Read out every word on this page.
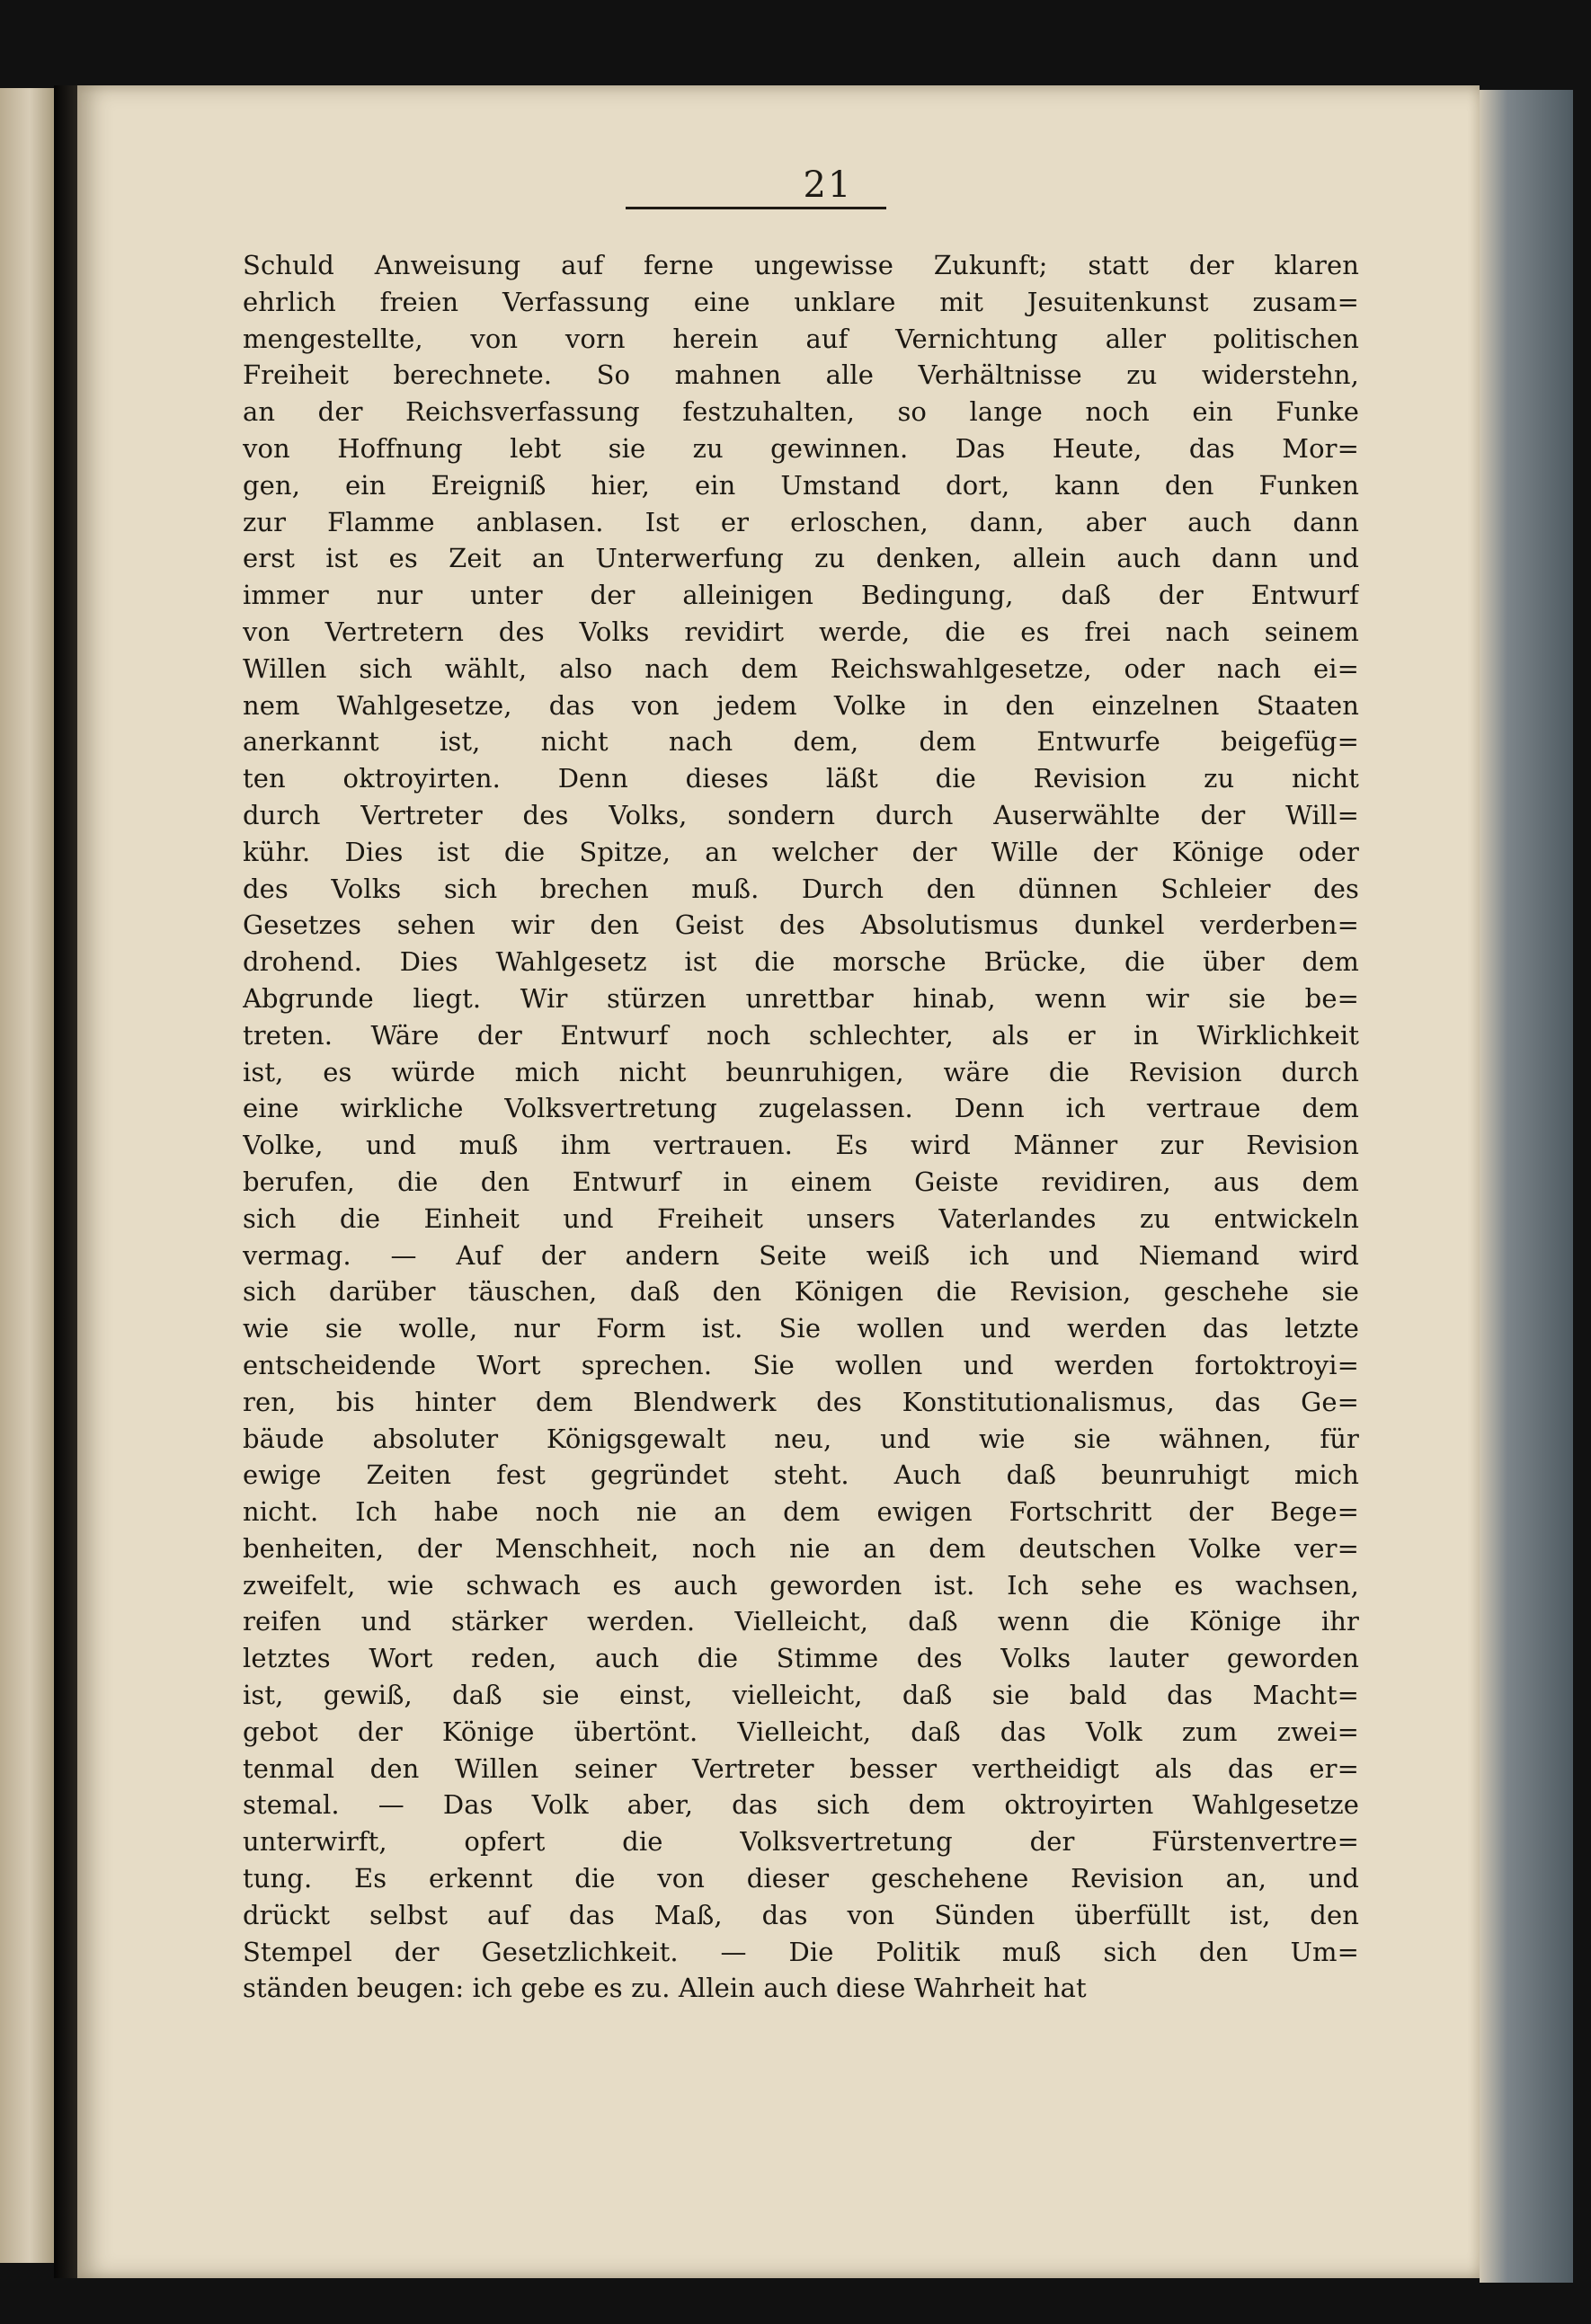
21
Schuld Anweisung auf ferne ungewisse Zukunft; statt der klaren
ehrlich freien Verfassung eine unklare mit Jesuitenkunst zusam=
mengestellte, von vorn herein auf Vernichtung aller politischen
Freiheit berechnete. So mahnen alle Verhältnisse zu widerstehn,
an der Reichsverfassung festzuhalten, so lange noch ein Funke
von Hoffnung lebt sie zu gewinnen. Das Heute, das Mor=
gen, ein Ereigniß hier, ein Umstand dort, kann den Funken
zur Flamme anblasen. Ist er erloschen, dann, aber auch dann
erst ist es Zeit an Unterwerfung zu denken, allein auch dann und
immer nur unter der alleinigen Bedingung, daß der Entwurf
von Vertretern des Volks revidirt werde, die es frei nach seinem
Willen sich wählt, also nach dem Reichswahlgesetze, oder nach ei=
nem Wahlgesetze, das von jedem Volke in den einzelnen Staaten
anerkannt ist, nicht nach dem, dem Entwurfe beigefüg=
ten oktroyirten. Denn dieses läßt die Revision zu nicht
durch Vertreter des Volks, sondern durch Auserwählte der Will=
kühr. Dies ist die Spitze, an welcher der Wille der Könige oder
des Volks sich brechen muß. Durch den dünnen Schleier des
Gesetzes sehen wir den Geist des Absolutismus dunkel verderben=
drohend. Dies Wahlgesetz ist die morsche Brücke, die über dem
Abgrunde liegt. Wir stürzen unrettbar hinab, wenn wir sie be=
treten. Wäre der Entwurf noch schlechter, als er in Wirklichkeit
ist, es würde mich nicht beunruhigen, wäre die Revision durch
eine wirkliche Volksvertretung zugelassen. Denn ich vertraue dem
Volke, und muß ihm vertrauen. Es wird Männer zur Revision
berufen, die den Entwurf in einem Geiste revidiren, aus dem
sich die Einheit und Freiheit unsers Vaterlandes zu entwickeln
vermag. — Auf der andern Seite weiß ich und Niemand wird
sich darüber täuschen, daß den Königen die Revision, geschehe sie
wie sie wolle, nur Form ist. Sie wollen und werden das letzte
entscheidende Wort sprechen. Sie wollen und werden fortoktroyi=
ren, bis hinter dem Blendwerk des Konstitutionalismus, das Ge=
bäude absoluter Königsgewalt neu, und wie sie wähnen, für
ewige Zeiten fest gegründet steht. Auch daß beunruhigt mich
nicht. Ich habe noch nie an dem ewigen Fortschritt der Bege=
benheiten, der Menschheit, noch nie an dem deutschen Volke ver=
zweifelt, wie schwach es auch geworden ist. Ich sehe es wachsen,
reifen und stärker werden. Vielleicht, daß wenn die Könige ihr
letztes Wort reden, auch die Stimme des Volks lauter geworden
ist, gewiß, daß sie einst, vielleicht, daß sie bald das Macht=
gebot der Könige übertönt. Vielleicht, daß das Volk zum zwei=
tenmal den Willen seiner Vertreter besser vertheidigt als das er=
stemal. — Das Volk aber, das sich dem oktroyirten Wahlgesetze
unterwirft, opfert die Volksvertretung der Fürstenvertre=
tung. Es erkennt die von dieser geschehene Revision an, und
drückt selbst auf das Maß, das von Sünden überfüllt ist, den
Stempel der Gesetzlichkeit. — Die Politik muß sich den Um=
ständen beugen: ich gebe es zu. Allein auch diese Wahrheit hat
